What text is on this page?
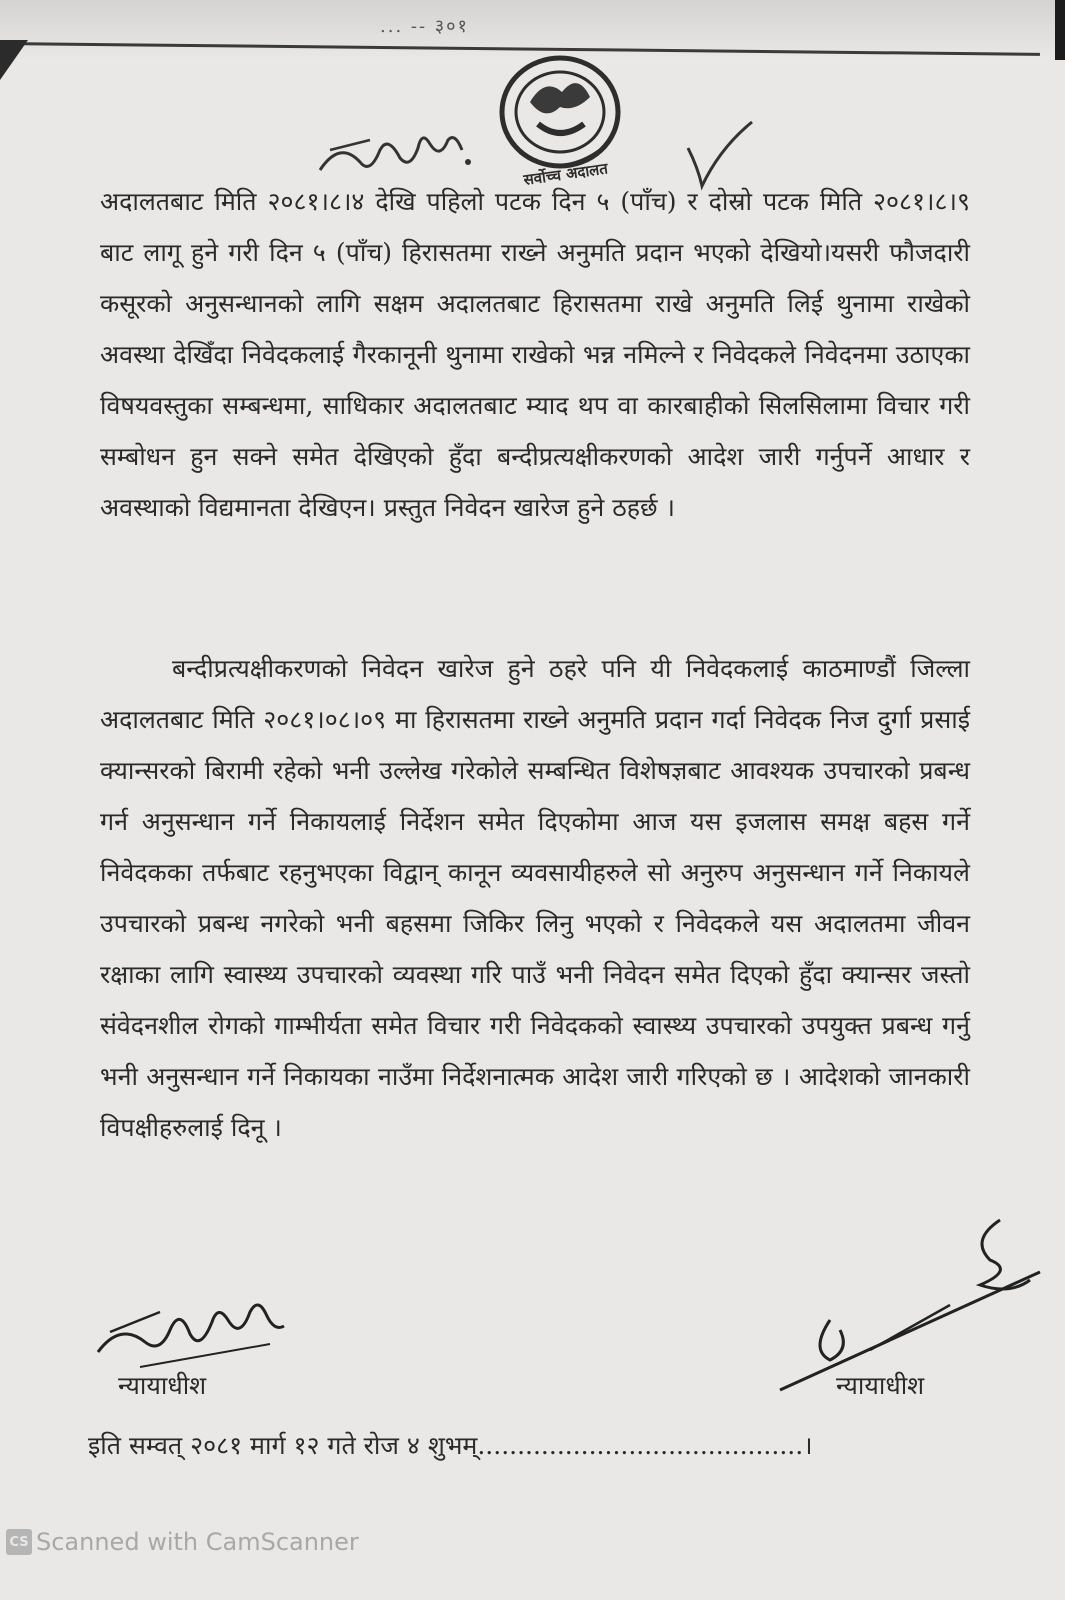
... -- ३०१
सर्वोच्च अदालत

अदालतबाट मिति २०८१।८।४ देखि पहिलो पटक दिन ५ (पाँच) र दोस्रो पटक मिति २०८१।८।९ बाट लागू हुने गरी दिन ५ (पाँच) हिरासतमा राख्ने अनुमति प्रदान भएको देखियो।यसरी फौजदारी कसूरको अनुसन्धानको लागि सक्षम अदालतबाट हिरासतमा राखे अनुमति लिई थुनामा राखेको अवस्था देखिँदा निवेदकलाई गैरकानूनी थुनामा राखेको भन्न नमिल्ने र निवेदकले निवेदनमा उठाएका विषयवस्तुका सम्बन्धमा, साधिकार अदालतबाट म्याद थप वा कारबाहीको सिलसिलामा विचार गरी सम्बोधन हुन सक्ने समेत देखिएको हुँदा बन्दीप्रत्यक्षीकरणको आदेश जारी गर्नुपर्ने आधार र अवस्थाको विद्यमानता देखिएन। प्रस्तुत निवेदन खारेज हुने ठहर्छ ।

बन्दीप्रत्यक्षीकरणको निवेदन खारेज हुने ठहरे पनि यी निवेदकलाई काठमाण्डौं जिल्ला अदालतबाट मिति २०८१।०८।०९ मा हिरासतमा राख्ने अनुमति प्रदान गर्दा निवेदक निज दुर्गा प्रसाई क्यान्सरको बिरामी रहेको भनी उल्लेख गरेकोले सम्बन्धित विशेषज्ञबाट आवश्यक उपचारको प्रबन्ध गर्न अनुसन्धान गर्ने निकायलाई निर्देशन समेत दिएकोमा आज यस इजलास समक्ष बहस गर्ने निवेदकका तर्फबाट रहनुभएका विद्वान् कानून व्यवसायीहरुले सो अनुरुप अनुसन्धान गर्ने निकायले उपचारको प्रबन्ध नगरेको भनी बहसमा जिकिर लिनु भएको र निवेदकले यस अदालतमा जीवन रक्षाका लागि स्वास्थ्य उपचारको व्यवस्था गरि पाउँ भनी निवेदन समेत दिएको हुँदा क्यान्सर जस्तो संवेदनशील रोगको गाम्भीर्यता समेत विचार गरी निवेदकको स्वास्थ्य उपचारको उपयुक्त प्रबन्ध गर्नु भनी अनुसन्धान गर्ने निकायका नाउँमा निर्देशनात्मक आदेश जारी गरिएको छ । आदेशको जानकारी विपक्षीहरुलाई दिनू ।

न्यायाधीश	न्यायाधीश
इति सम्वत् २०८१ मार्ग १२ गते रोज ४ शुभम्.........................................।
CS Scanned with CamScanner
